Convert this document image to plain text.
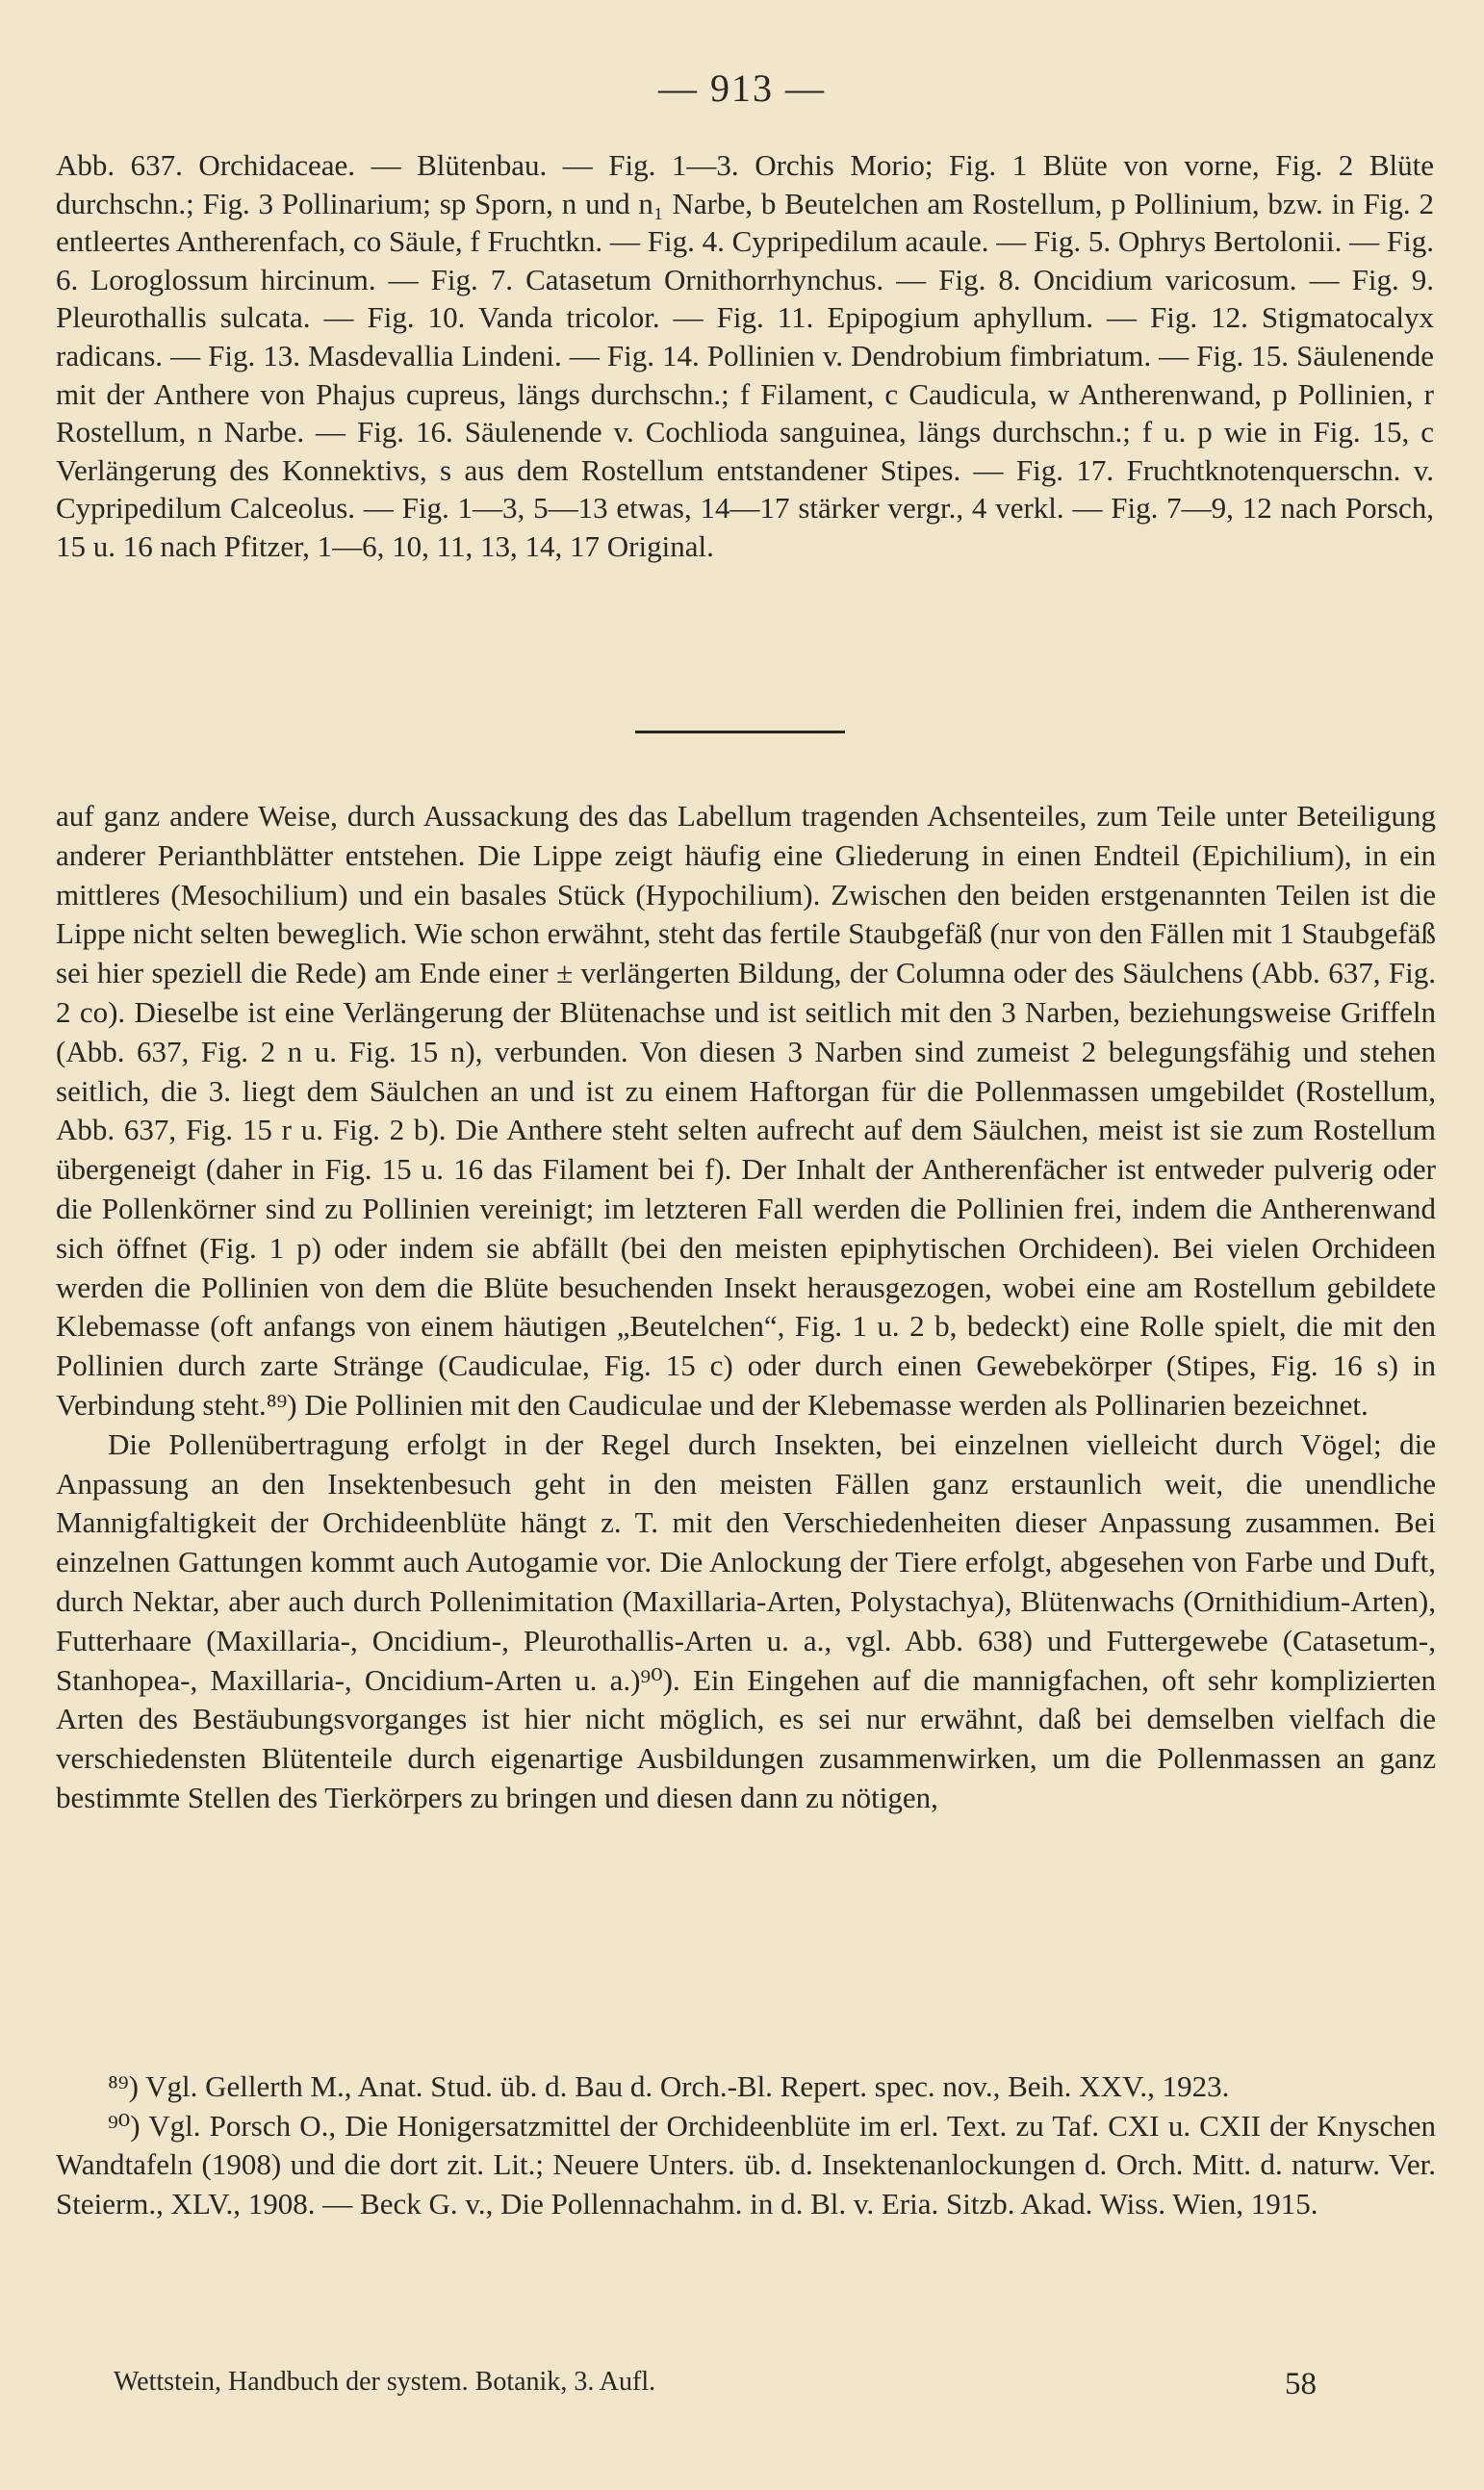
— 913 —

Abb. 637. Orchidaceae. — Blütenbau. — Fig. 1—3. Orchis Morio; Fig. 1 Blüte von vorne, Fig. 2 Blüte durchschn.; Fig. 3 Pollinarium; sp Sporn, n und n₁ Narbe, b Beutelchen am Rostellum, p Pollinium, bzw. in Fig. 2 entleertes Antherenfach, co Säule, f Fruchtkn. — Fig. 4. Cypripedilum acaule. — Fig. 5. Ophrys Bertolonii. — Fig. 6. Loroglossum hircinum. — Fig. 7. Catasetum Ornithorrhynchus. — Fig. 8. Oncidium varicosum. — Fig. 9. Pleurothallis sulcata. — Fig. 10. Vanda tricolor. — Fig. 11. Epipogium aphyllum. — Fig. 12. Stigmatocalyx radicans. — Fig. 13. Masdevallia Lindeni. — Fig. 14. Pollinien v. Dendrobium fimbriatum. — Fig. 15. Säulenende mit der Anthere von Phajus cupreus, längs durchschn.; f Filament, c Caudicula, w Antherenwand, p Pollinien, r Rostellum, n Narbe. — Fig. 16. Säulenende v. Cochlioda sanguinea, längs durchschn.; f u. p wie in Fig. 15, c Verlängerung des Konnektivs, s aus dem Rostellum entstandener Stipes. — Fig. 17. Fruchtknotenquerschn. v. Cypripedilum Calceolus. — Fig. 1—3, 5—13 etwas, 14—17 stärker vergr., 4 verkl. — Fig. 7—9, 12 nach Porsch, 15 u. 16 nach Pfitzer, 1—6, 10, 11, 13, 14, 17 Original.

auf ganz andere Weise, durch Aussackung des das Labellum tragenden Achsenteiles, zum Teile unter Beteiligung anderer Perianthblätter entstehen. Die Lippe zeigt häufig eine Gliederung in einen Endteil (Epichilium), in ein mittleres (Mesochilium) und ein basales Stück (Hypochilium). Zwischen den beiden erstgenannten Teilen ist die Lippe nicht selten beweglich. Wie schon erwähnt, steht das fertile Staubgefäß (nur von den Fällen mit 1 Staubgefäß sei hier speziell die Rede) am Ende einer ± verlängerten Bildung, der Columna oder des Säulchens (Abb. 637, Fig. 2 co). Dieselbe ist eine Verlängerung der Blütenachse und ist seitlich mit den 3 Narben, beziehungsweise Griffeln (Abb. 637, Fig. 2 n u. Fig. 15 n), verbunden. Von diesen 3 Narben sind zumeist 2 belegungsfähig und stehen seitlich, die 3. liegt dem Säulchen an und ist zu einem Haftorgan für die Pollenmassen umgebildet (Rostellum, Abb. 637, Fig. 15 r u. Fig. 2 b). Die Anthere steht selten aufrecht auf dem Säulchen, meist ist sie zum Rostellum übergeneigt (daher in Fig. 15 u. 16 das Filament bei f). Der Inhalt der Antherenfächer ist entweder pulverig oder die Pollenkörner sind zu Pollinien vereinigt; im letzteren Fall werden die Pollinien frei, indem die Antherenwand sich öffnet (Fig. 1 p) oder indem sie abfällt (bei den meisten epiphytischen Orchideen). Bei vielen Orchideen werden die Pollinien von dem die Blüte besuchenden Insekt herausgezogen, wobei eine am Rostellum gebildete Klebemasse (oft anfangs von einem häutigen „Beutelchen“, Fig. 1 u. 2 b, bedeckt) eine Rolle spielt, die mit den Pollinien durch zarte Stränge (Caudiculae, Fig. 15 c) oder durch einen Gewebekörper (Stipes, Fig. 16 s) in Verbindung steht.⁸⁹) Die Pollinien mit den Caudiculae und der Klebemasse werden als Pollinarien bezeichnet.

Die Pollenübertragung erfolgt in der Regel durch Insekten, bei einzelnen vielleicht durch Vögel; die Anpassung an den Insektenbesuch geht in den meisten Fällen ganz erstaunlich weit, die unendliche Mannigfaltigkeit der Orchideenblüte hängt z. T. mit den Verschiedenheiten dieser Anpassung zusammen. Bei einzelnen Gattungen kommt auch Autogamie vor. Die Anlockung der Tiere erfolgt, abgesehen von Farbe und Duft, durch Nektar, aber auch durch Pollenimitation (Maxillaria-Arten, Polystachya), Blütenwachs (Ornithidium-Arten), Futterhaare (Maxillaria-, Oncidium-, Pleurothallis-Arten u. a., vgl. Abb. 638) und Futtergewebe (Catasetum-, Stanhopea-, Maxillaria-, Oncidium-Arten u. a.)⁹⁰). Ein Eingehen auf die mannigfachen, oft sehr komplizierten Arten des Bestäubungsvorganges ist hier nicht möglich, es sei nur erwähnt, daß bei demselben vielfach die verschiedensten Blütenteile durch eigenartige Ausbildungen zusammenwirken, um die Pollenmassen an ganz bestimmte Stellen des Tierkörpers zu bringen und diesen dann zu nötigen,

⁸⁹) Vgl. Gellerth M., Anat. Stud. üb. d. Bau d. Orch.-Bl. Repert. spec. nov., Beih. XXV., 1923.

⁹⁰) Vgl. Porsch O., Die Honigersatzmittel der Orchideenblüte im erl. Text. zu Taf. CXI u. CXII der Knyschen Wandtafeln (1908) und die dort zit. Lit.; Neuere Unters. üb. d. Insektenanlockungen d. Orch. Mitt. d. naturw. Ver. Steierm., XLV., 1908. — Beck G. v., Die Pollennachahm. in d. Bl. v. Eria. Sitzb. Akad. Wiss. Wien, 1915.

Wettstein, Handbuch der system. Botanik, 3. Aufl.	58
